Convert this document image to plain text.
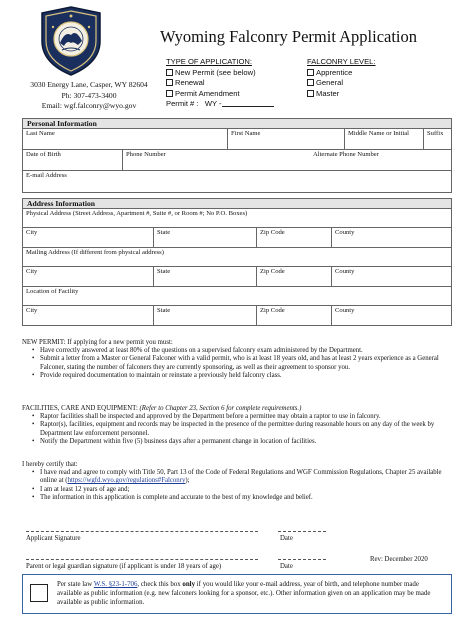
Wyoming Falconry Permit Application
3030 Energy Lane, Casper, WY 82604
Ph: 307-473-3400
Email: wgf.falconry@wyo.gov
TYPE OF APPLICATION:
New Permit (see below)
Renewal
Permit Amendment
Permit # : WY -
FALCONRY LEVEL:
Apprentice
General
Master
Personal Information
Last Name	First Name	Middle Name or Initial	Suffix
Date of Birth	Phone Number	Alternate Phone Number
E-mail Address
Address Information
Physical Address (Street Address, Apartment #, Suite #, or Room #; No P.O. Boxes)
City	State	Zip Code	County
Mailing Address (If different from physical address)
City	State	Zip Code	County
Location of Facility
City	State	Zip Code	County

NEW PERMIT: If applying for a new permit you must:

• Have correctly answered at least 80% of the questions on a supervised falconry exam administered by the Department.
• Submit a letter from a Master or General Falconer with a valid permit, who is at least 18 years old, and has at least 2 years experience as a General Falconer, stating the number of falconers they are currently sponsoring, as well as their agreement to sponsor you.
• Provide required documentation to maintain or reinstate a previously held falconry class.

FACILITIES, CARE AND EQUIPMENT: (Refer to Chapter 23, Section 6 for complete requirements.)

• Raptor facilities shall be inspected and approved by the Department before a permittee may obtain a raptor to use in falconry.
• Raptor(s), facilities, equipment and records may be inspected in the presence of the permittee during reasonable hours on any day of the week by Department law enforcement personnel.
• Notify the Department within five (5) business days after a permanent change in location of facilities.

I hereby certify that:

• I have read and agree to comply with Title 50, Part 13 of the Code of Federal Regulations and WGF Commission Regulations, Chapter 25 available online at (https://wgfd.wyo.gov/regulations#Falconry);
• I am at least 12 years of age and;
• The information in this application is complete and accurate to the best of my knowledge and belief.
Applicant Signature	Date
Parent or legal guardian signature (if applicant is under 18 years of age)	Date
Rev: December 2020
Per state law W.S. §23-1-706, check this box only if you would like your e-mail address, year of birth, and telephone number made available as public information (e.g. new falconers looking for a sponsor, etc.). Other information given on an application may be made available as public information.
